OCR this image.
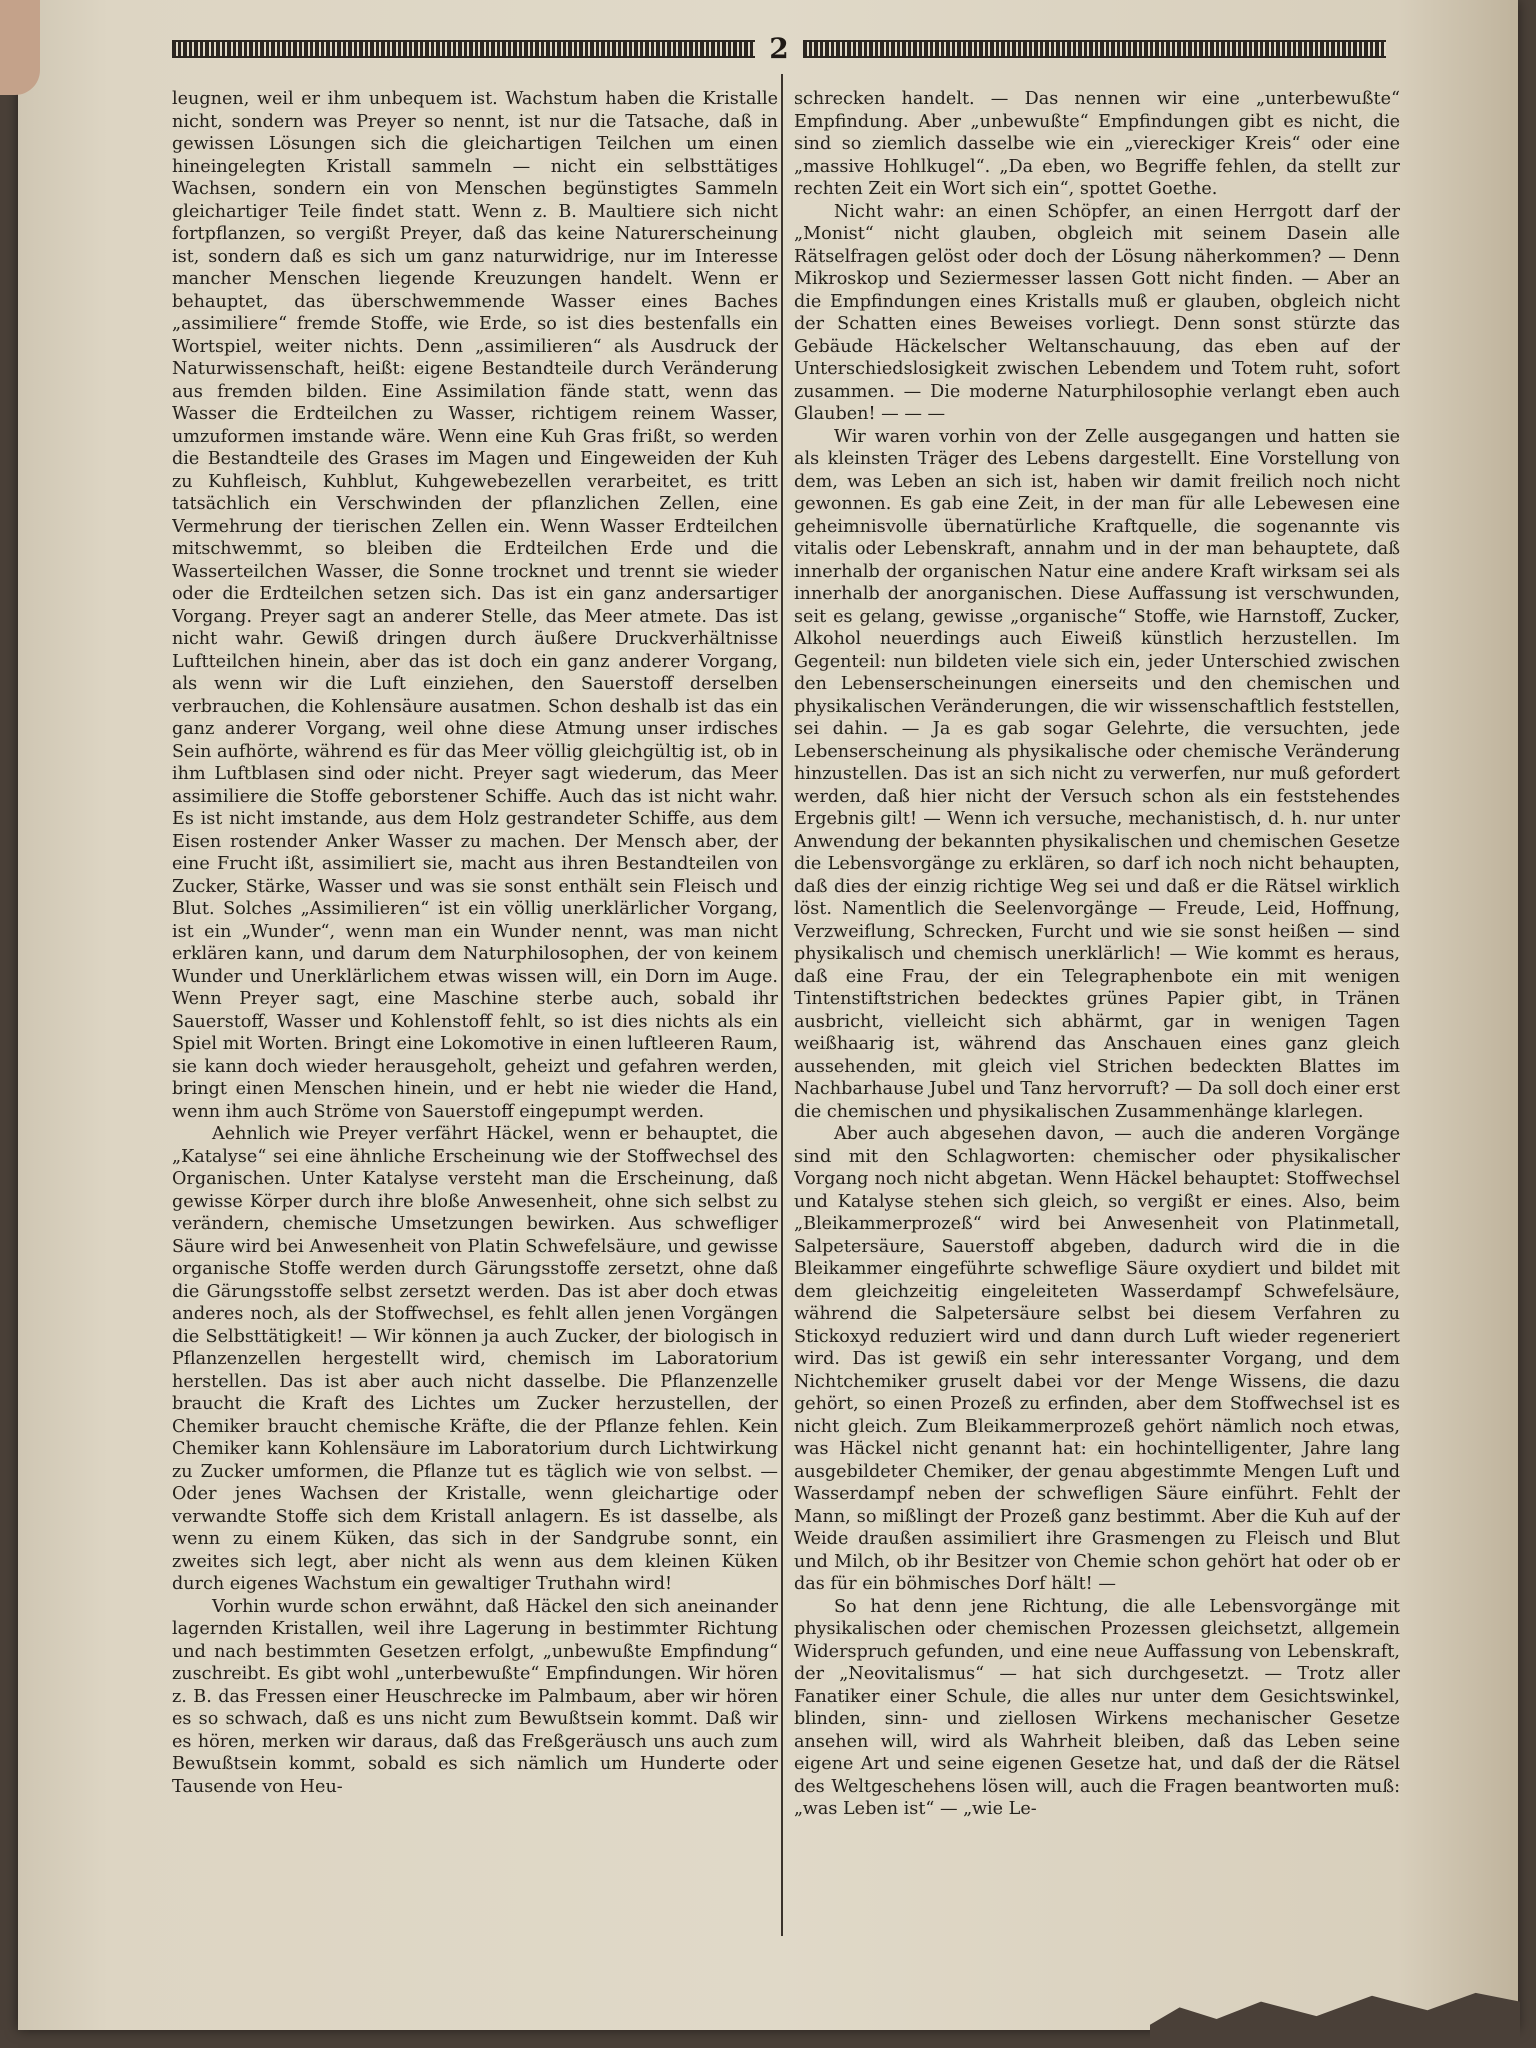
2

leugnen, weil er ihm unbequem ist. Wachstum haben die Kristalle nicht, sondern was Preyer so nennt, ist nur die Tatsache, daß in gewissen Lösungen sich die gleichartigen Teilchen um einen hineingelegten Kristall sammeln — nicht ein selbsttätiges Wachsen, sondern ein von Menschen begünstigtes Sammeln gleichartiger Teile findet statt. Wenn z. B. Maultiere sich nicht fortpflanzen, so vergißt Preyer, daß das keine Naturerscheinung ist, sondern daß es sich um ganz naturwidrige, nur im Interesse mancher Menschen liegende Kreuzungen handelt. Wenn er behauptet, das überschwemmende Wasser eines Baches „assimiliere“ fremde Stoffe, wie Erde, so ist dies bestenfalls ein Wortspiel, weiter nichts. Denn „assimilieren“ als Ausdruck der Naturwissenschaft, heißt: eigene Bestandteile durch Veränderung aus fremden bilden. Eine Assimilation fände statt, wenn das Wasser die Erdteilchen zu Wasser, richtigem reinem Wasser, umzuformen imstande wäre. Wenn eine Kuh Gras frißt, so werden die Bestandteile des Grases im Magen und Eingeweiden der Kuh zu Kuhfleisch, Kuhblut, Kuhgewebezellen verarbeitet, es tritt tatsächlich ein Verschwinden der pflanzlichen Zellen, eine Vermehrung der tierischen Zellen ein. Wenn Wasser Erdteilchen mitschwemmt, so bleiben die Erdteilchen Erde und die Wasserteilchen Wasser, die Sonne trocknet und trennt sie wieder oder die Erdteilchen setzen sich. Das ist ein ganz andersartiger Vorgang. Preyer sagt an anderer Stelle, das Meer atmete. Das ist nicht wahr. Gewiß dringen durch äußere Druckverhältnisse Luftteilchen hinein, aber das ist doch ein ganz anderer Vorgang, als wenn wir die Luft einziehen, den Sauerstoff derselben verbrauchen, die Kohlensäure ausatmen. Schon deshalb ist das ein ganz anderer Vorgang, weil ohne diese Atmung unser irdisches Sein aufhörte, während es für das Meer völlig gleichgültig ist, ob in ihm Luftblasen sind oder nicht. Preyer sagt wiederum, das Meer assimiliere die Stoffe geborstener Schiffe. Auch das ist nicht wahr. Es ist nicht imstande, aus dem Holz gestrandeter Schiffe, aus dem Eisen rostender Anker Wasser zu machen. Der Mensch aber, der eine Frucht ißt, assimiliert sie, macht aus ihren Bestandteilen von Zucker, Stärke, Wasser und was sie sonst enthält sein Fleisch und Blut. Solches „Assimilieren“ ist ein völlig unerklärlicher Vorgang, ist ein „Wunder“, wenn man ein Wunder nennt, was man nicht erklären kann, und darum dem Naturphilosophen, der von keinem Wunder und Unerklärlichem etwas wissen will, ein Dorn im Auge. Wenn Preyer sagt, eine Maschine sterbe auch, sobald ihr Sauerstoff, Wasser und Kohlenstoff fehlt, so ist dies nichts als ein Spiel mit Worten. Bringt eine Lokomotive in einen luftleeren Raum, sie kann doch wieder herausgeholt, geheizt und gefahren werden, bringt einen Menschen hinein, und er hebt nie wieder die Hand, wenn ihm auch Ströme von Sauerstoff eingepumpt werden.

Aehnlich wie Preyer verfährt Häckel, wenn er behauptet, die „Katalyse“ sei eine ähnliche Erscheinung wie der Stoffwechsel des Organischen. Unter Katalyse versteht man die Erscheinung, daß gewisse Körper durch ihre bloße Anwesenheit, ohne sich selbst zu verändern, chemische Umsetzungen bewirken. Aus schwefliger Säure wird bei Anwesenheit von Platin Schwefelsäure, und gewisse organische Stoffe werden durch Gärungsstoffe zersetzt, ohne daß die Gärungsstoffe selbst zersetzt werden. Das ist aber doch etwas anderes noch, als der Stoffwechsel, es fehlt allen jenen Vorgängen die Selbsttätigkeit! — Wir können ja auch Zucker, der biologisch in Pflanzenzellen hergestellt wird, chemisch im Laboratorium herstellen. Das ist aber auch nicht dasselbe. Die Pflanzenzelle braucht die Kraft des Lichtes um Zucker herzustellen, der Chemiker braucht chemische Kräfte, die der Pflanze fehlen. Kein Chemiker kann Kohlensäure im Laboratorium durch Lichtwirkung zu Zucker umformen, die Pflanze tut es täglich wie von selbst. — Oder jenes Wachsen der Kristalle, wenn gleichartige oder verwandte Stoffe sich dem Kristall anlagern. Es ist dasselbe, als wenn zu einem Küken, das sich in der Sandgrube sonnt, ein zweites sich legt, aber nicht als wenn aus dem kleinen Küken durch eigenes Wachstum ein gewaltiger Truthahn wird!

Vorhin wurde schon erwähnt, daß Häckel den sich aneinander lagernden Kristallen, weil ihre Lagerung in bestimmter Richtung und nach bestimmten Gesetzen erfolgt, „unbewußte Empfindung“ zuschreibt. Es gibt wohl „unterbewußte“ Empfindungen. Wir hören z. B. das Fressen einer Heuschrecke im Palmbaum, aber wir hören es so schwach, daß es uns nicht zum Bewußtsein kommt. Daß wir es hören, merken wir daraus, daß das Freßgeräusch uns auch zum Bewußtsein kommt, sobald es sich nämlich um Hunderte oder Tausende von Heu-

schrecken handelt. — Das nennen wir eine „unterbewußte“ Empfindung. Aber „unbewußte“ Empfindungen gibt es nicht, die sind so ziemlich dasselbe wie ein „viereckiger Kreis“ oder eine „massive Hohlkugel“. „Da eben, wo Begriffe fehlen, da stellt zur rechten Zeit ein Wort sich ein“, spottet Goethe.

Nicht wahr: an einen Schöpfer, an einen Herrgott darf der „Monist“ nicht glauben, obgleich mit seinem Dasein alle Rätselfragen gelöst oder doch der Lösung näherkommen? — Denn Mikroskop und Seziermesser lassen Gott nicht finden. — Aber an die Empfindungen eines Kristalls muß er glauben, obgleich nicht der Schatten eines Beweises vorliegt. Denn sonst stürzte das Gebäude Häckelscher Weltanschauung, das eben auf der Unterschiedslosigkeit zwischen Lebendem und Totem ruht, sofort zusammen. — Die moderne Naturphilosophie verlangt eben auch Glauben! — — —

Wir waren vorhin von der Zelle ausgegangen und hatten sie als kleinsten Träger des Lebens dargestellt. Eine Vorstellung von dem, was Leben an sich ist, haben wir damit freilich noch nicht gewonnen. Es gab eine Zeit, in der man für alle Lebewesen eine geheimnisvolle übernatürliche Kraftquelle, die sogenannte vis vitalis oder Lebenskraft, annahm und in der man behauptete, daß innerhalb der organischen Natur eine andere Kraft wirksam sei als innerhalb der anorganischen. Diese Auffassung ist verschwunden, seit es gelang, gewisse „organische“ Stoffe, wie Harnstoff, Zucker, Alkohol neuerdings auch Eiweiß künstlich herzustellen. Im Gegenteil: nun bildeten viele sich ein, jeder Unterschied zwischen den Lebenserscheinungen einerseits und den chemischen und physikalischen Veränderungen, die wir wissenschaftlich feststellen, sei dahin. — Ja es gab sogar Gelehrte, die versuchten, jede Lebenserscheinung als physikalische oder chemische Veränderung hinzustellen. Das ist an sich nicht zu verwerfen, nur muß gefordert werden, daß hier nicht der Versuch schon als ein feststehendes Ergebnis gilt! — Wenn ich versuche, mechanistisch, d. h. nur unter Anwendung der bekannten physikalischen und chemischen Gesetze die Lebensvorgänge zu erklären, so darf ich noch nicht behaupten, daß dies der einzig richtige Weg sei und daß er die Rätsel wirklich löst. Namentlich die Seelenvorgänge — Freude, Leid, Hoffnung, Verzweiflung, Schrecken, Furcht und wie sie sonst heißen — sind physikalisch und chemisch unerklärlich! — Wie kommt es heraus, daß eine Frau, der ein Telegraphenbote ein mit wenigen Tintenstiftstrichen bedecktes grünes Papier gibt, in Tränen ausbricht, vielleicht sich abhärmt, gar in wenigen Tagen weißhaarig ist, während das Anschauen eines ganz gleich aussehenden, mit gleich viel Strichen bedeckten Blattes im Nachbarhause Jubel und Tanz hervorruft? — Da soll doch einer erst die chemischen und physikalischen Zusammenhänge klarlegen.

Aber auch abgesehen davon, — auch die anderen Vorgänge sind mit den Schlagworten: chemischer oder physikalischer Vorgang noch nicht abgetan. Wenn Häckel behauptet: Stoffwechsel und Katalyse stehen sich gleich, so vergißt er eines. Also, beim „Bleikammerprozeß“ wird bei Anwesenheit von Platinmetall, Salpetersäure, Sauerstoff abgeben, dadurch wird die in die Bleikammer eingeführte schweflige Säure oxydiert und bildet mit dem gleichzeitig eingeleiteten Wasserdampf Schwefelsäure, während die Salpetersäure selbst bei diesem Verfahren zu Stickoxyd reduziert wird und dann durch Luft wieder regeneriert wird. Das ist gewiß ein sehr interessanter Vorgang, und dem Nichtchemiker gruselt dabei vor der Menge Wissens, die dazu gehört, so einen Prozeß zu erfinden, aber dem Stoffwechsel ist es nicht gleich. Zum Bleikammerprozeß gehört nämlich noch etwas, was Häckel nicht genannt hat: ein hochintelligenter, Jahre lang ausgebildeter Chemiker, der genau abgestimmte Mengen Luft und Wasserdampf neben der schwefligen Säure einführt. Fehlt der Mann, so mißlingt der Prozeß ganz bestimmt. Aber die Kuh auf der Weide draußen assimiliert ihre Grasmengen zu Fleisch und Blut und Milch, ob ihr Besitzer von Chemie schon gehört hat oder ob er das für ein böhmisches Dorf hält! —

So hat denn jene Richtung, die alle Lebensvorgänge mit physikalischen oder chemischen Prozessen gleichsetzt, allgemein Widerspruch gefunden, und eine neue Auffassung von Lebenskraft, der „Neovitalismus“ — hat sich durchgesetzt. — Trotz aller Fanatiker einer Schule, die alles nur unter dem Gesichtswinkel, blinden, sinn- und ziellosen Wirkens mechanischer Gesetze ansehen will, wird als Wahrheit bleiben, daß das Leben seine eigene Art und seine eigenen Gesetze hat, und daß der die Rätsel des Weltgeschehens lösen will, auch die Fragen beantworten muß: „was Leben ist“ — „wie Le-
